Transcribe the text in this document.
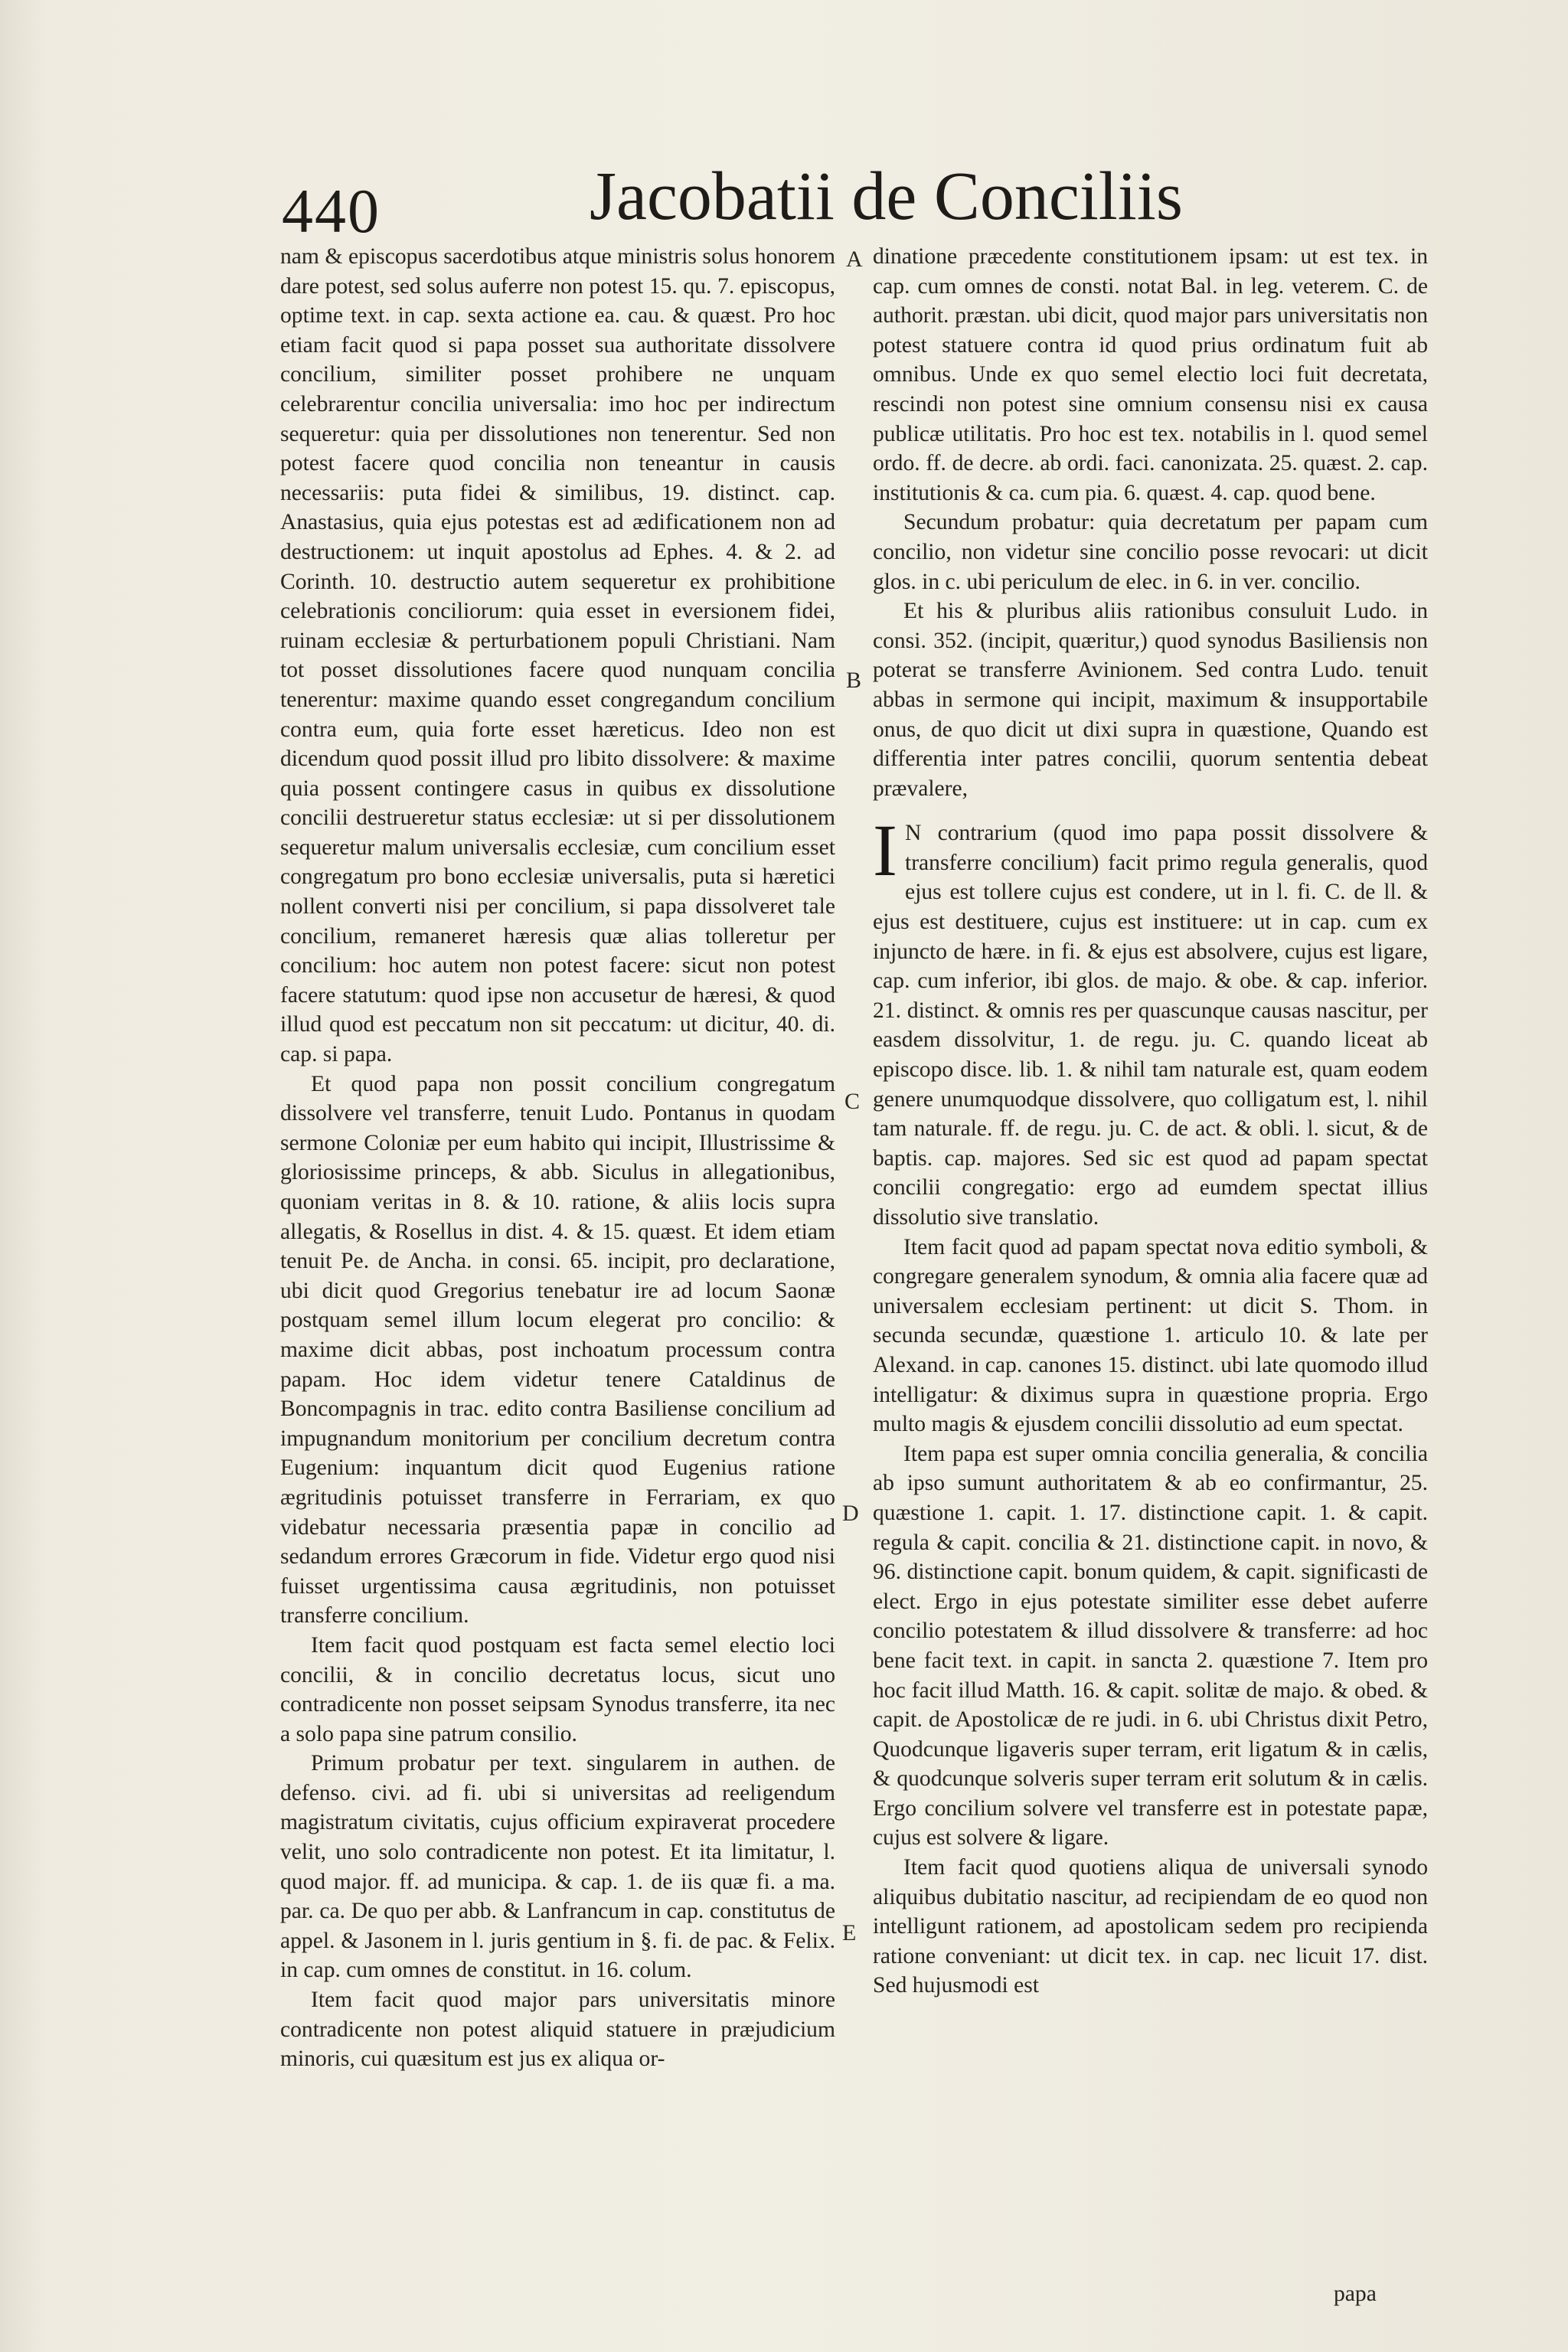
440	Jacobatii de Conciliis
A
B
C
D
E

nam & episcopus sacerdotibus atque ministris solus honorem dare potest, sed solus auferre non potest 15. qu. 7. episcopus, optime text. in cap. sexta actione ea. cau. & quæst. Pro hoc etiam facit quod si papa posset sua authoritate dissolvere concilium, similiter posset prohibere ne unquam celebrarentur concilia universalia: imo hoc per indirectum sequeretur: quia per dissolutiones non tenerentur. Sed non potest facere quod concilia non teneantur in causis necessariis: puta fidei & similibus, 19. distinct. cap. Anastasius, quia ejus potestas est ad ædificationem non ad destructionem: ut inquit apostolus ad Ephes. 4. & 2. ad Corinth. 10. destructio autem sequeretur ex prohibitione celebrationis conciliorum: quia esset in eversionem fidei, ruinam ecclesiæ & perturbationem populi Christiani. Nam tot posset dissolutiones facere quod nunquam concilia tenerentur: maxime quando esset congregandum concilium contra eum, quia forte esset hæreticus. Ideo non est dicendum quod possit illud pro libito dissolvere: & maxime quia possent contingere casus in quibus ex dissolutione concilii destrueretur status ecclesiæ: ut si per dissolutionem sequeretur malum universalis ecclesiæ, cum concilium esset congregatum pro bono ecclesiæ universalis, puta si hæretici nollent converti nisi per concilium, si papa dissolveret tale concilium, remaneret hæresis quæ alias tolleretur per concilium: hoc autem non potest facere: sicut non potest facere statutum: quod ipse non accusetur de hæresi, & quod illud quod est peccatum non sit peccatum: ut dicitur, 40. di. cap. si papa.

Et quod papa non possit concilium congregatum dissolvere vel transferre, tenuit Ludo. Pontanus in quodam sermone Coloniæ per eum habito qui incipit, Illustrissime & gloriosissime princeps, & abb. Siculus in allegationibus, quoniam veritas in 8. & 10. ratione, & aliis locis supra allegatis, & Rosellus in dist. 4. & 15. quæst. Et idem etiam tenuit Pe. de Ancha. in consi. 65. incipit, pro declaratione, ubi dicit quod Gregorius tenebatur ire ad locum Saonæ postquam semel illum locum elegerat pro concilio: & maxime dicit abbas, post inchoatum processum contra papam. Hoc idem videtur tenere Cataldinus de Boncompagnis in trac. edito contra Basiliense concilium ad impugnandum monitorium per concilium decretum contra Eugenium: inquantum dicit quod Eugenius ratione ægritudinis potuisset transferre in Ferrariam, ex quo videbatur necessaria præsentia papæ in concilio ad sedandum errores Græcorum in fide. Videtur ergo quod nisi fuisset urgentissima causa ægritudinis, non potuisset transferre concilium.

Item facit quod postquam est facta semel electio loci concilii, & in concilio decretatus locus, sicut uno contradicente non posset seipsam Synodus transferre, ita nec a solo papa sine patrum consilio.

Primum probatur per text. singularem in authen. de defenso. civi. ad fi. ubi si universitas ad reeligendum magistratum civitatis, cujus officium expiraverat procedere velit, uno solo contradicente non potest. Et ita limitatur, l. quod major. ff. ad municipa. & cap. 1. de iis quæ fi. a ma. par. ca. De quo per abb. & Lanfrancum in cap. constitutus de appel. & Jasonem in l. juris gentium in §. fi. de pac. & Felix. in cap. cum omnes de constitut. in 16. colum.

Item facit quod major pars universitatis minore contradicente non potest aliquid statuere in præjudicium minoris, cui quæsitum est jus ex aliqua or-

dinatione præcedente constitutionem ipsam: ut est tex. in cap. cum omnes de consti. notat Bal. in leg. veterem. C. de authorit. præstan. ubi dicit, quod major pars universitatis non potest statuere contra id quod prius ordinatum fuit ab omnibus. Unde ex quo semel electio loci fuit decretata, rescindi non potest sine omnium consensu nisi ex causa publicæ utilitatis. Pro hoc est tex. notabilis in l. quod semel ordo. ff. de decre. ab ordi. faci. canonizata. 25. quæst. 2. cap. institutionis & ca. cum pia. 6. quæst. 4. cap. quod bene.

Secundum probatur: quia decretatum per papam cum concilio, non videtur sine concilio posse revocari: ut dicit glos. in c. ubi periculum de elec. in 6. in ver. concilio.

Et his & pluribus aliis rationibus consuluit Ludo. in consi. 352. (incipit, quæritur,) quod synodus Basiliensis non poterat se transferre Avinionem. Sed contra Ludo. tenuit abbas in sermone qui incipit, maximum & insupportabile onus, de quo dicit ut dixi supra in quæstione, Quando est differentia inter patres concilii, quorum sententia debeat prævalere,

I N contrarium (quod imo papa possit dissolvere & transferre concilium) facit primo regula generalis, quod ejus est tollere cujus est condere, ut in l. fi. C. de ll. & ejus est destituere, cujus est instituere: ut in cap. cum ex injuncto de hære. in fi. & ejus est absolvere, cujus est ligare, cap. cum inferior, ibi glos. de majo. & obe. & cap. inferior. 21. distinct. & omnis res per quascunque causas nascitur, per easdem dissolvitur, 1. de regu. ju. C. quando liceat ab episcopo disce. lib. 1. & nihil tam naturale est, quam eodem genere unumquodque dissolvere, quo colligatum est, l. nihil tam naturale. ff. de regu. ju. C. de act. & obli. l. sicut, & de baptis. cap. majores. Sed sic est quod ad papam spectat concilii congregatio: ergo ad eumdem spectat illius dissolutio sive translatio.

Item facit quod ad papam spectat nova editio symboli, & congregare generalem synodum, & omnia alia facere quæ ad universalem ecclesiam pertinent: ut dicit S. Thom. in secunda secundæ, quæstione 1. articulo 10. & late per Alexand. in cap. canones 15. distinct. ubi late quomodo illud intelligatur: & diximus supra in quæstione propria. Ergo multo magis & ejusdem concilii dissolutio ad eum spectat.

Item papa est super omnia concilia generalia, & concilia ab ipso sumunt authoritatem & ab eo confirmantur, 25. quæstione 1. capit. 1. 17. distinctione capit. 1. & capit. regula & capit. concilia & 21. distinctione capit. in novo, & 96. distinctione capit. bonum quidem, & capit. significasti de elect. Ergo in ejus potestate similiter esse debet auferre concilio potestatem & illud dissolvere & transferre: ad hoc bene facit text. in capit. in sancta 2. quæstione 7. Item pro hoc facit illud Matth. 16. & capit. solitæ de majo. & obed. & capit. de Apostolicæ de re judi. in 6. ubi Christus dixit Petro, Quodcunque ligaveris super terram, erit ligatum & in cælis, & quodcunque solveris super terram erit solutum & in cælis. Ergo concilium solvere vel transferre est in potestate papæ, cujus est solvere & ligare.

Item facit quod quotiens aliqua de universali synodo aliquibus dubitatio nascitur, ad recipiendam de eo quod non intelligunt rationem, ad apostolicam sedem pro recipienda ratione conveniant: ut dicit tex. in cap. nec licuit 17. dist. Sed hujusmodi est

papa
